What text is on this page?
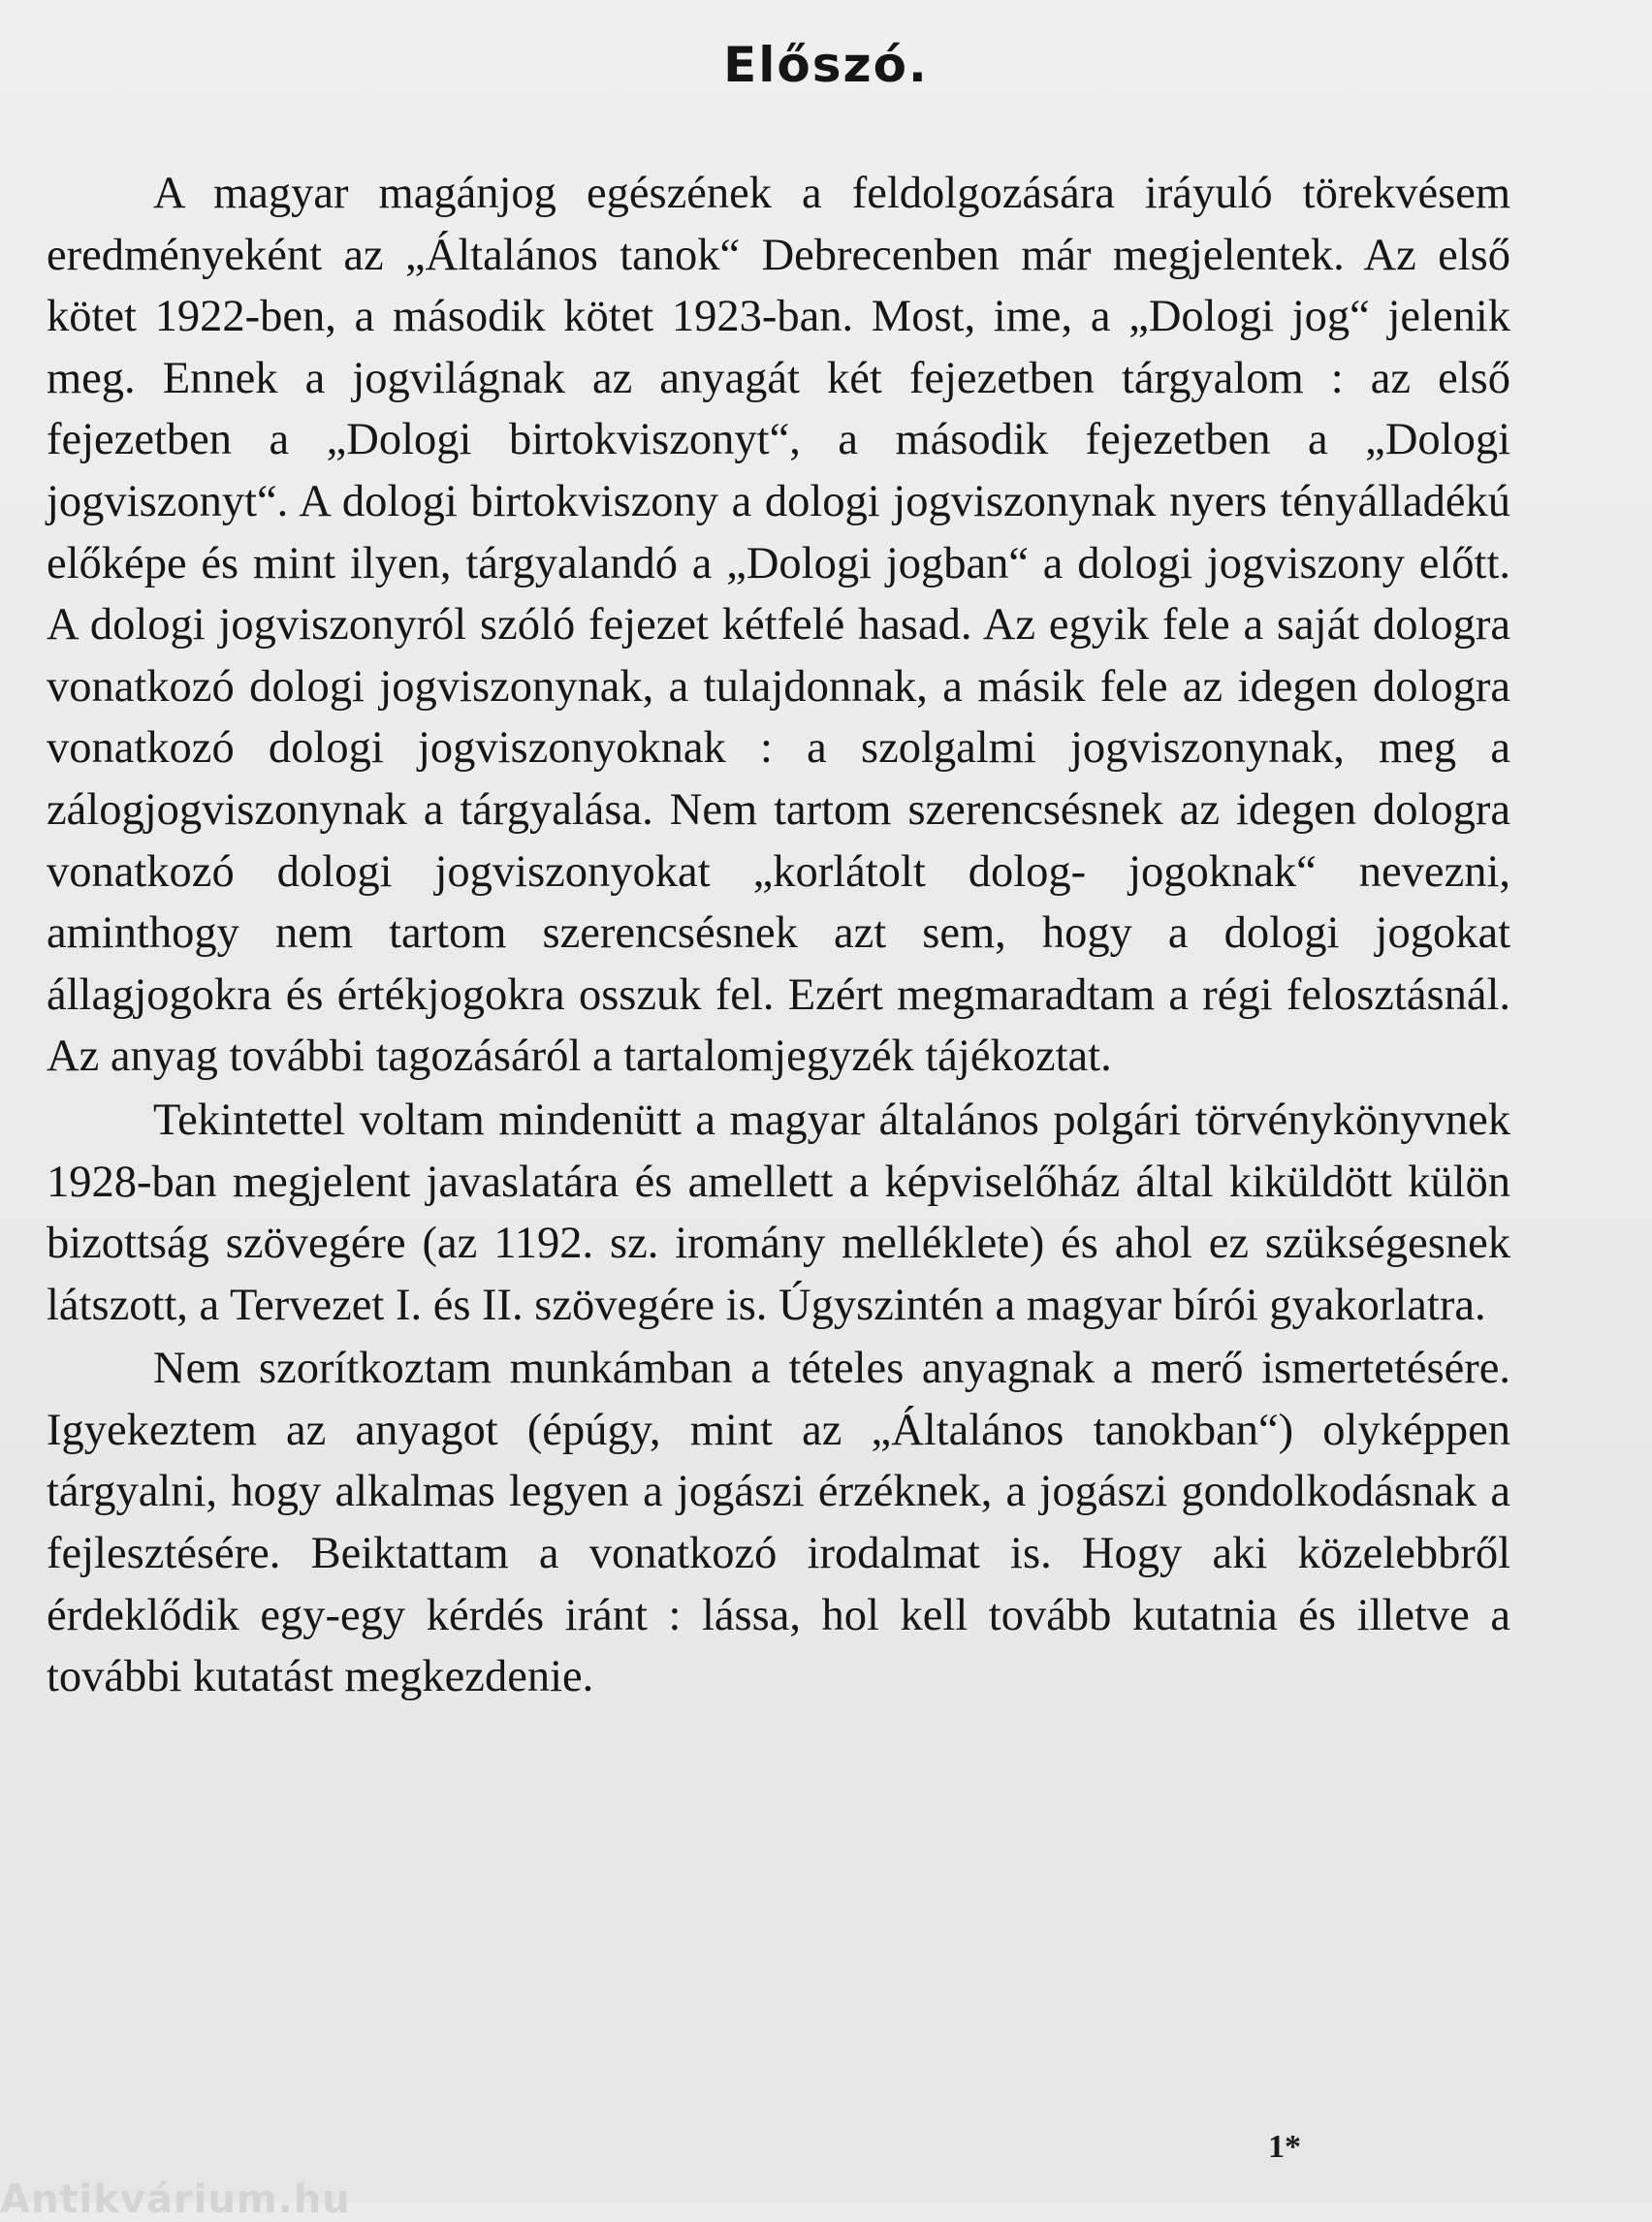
Előszó.

A magyar magánjog egészének a feldolgozására iráyuló törekvésem eredményeként az „Általános tanok“ Debrecenben már megjelentek. Az első kötet 1922-ben, a második kötet 1923-ban. Most, ime, a „Dologi jog“ jelenik meg. Ennek a jogvilágnak az anyagát két fejezetben tárgyalom : az első fejezetben a „Dologi birtokviszonyt“, a második fejezetben a „Dologi jogviszonyt“. A dologi birtokviszony a dologi jogviszonynak nyers tényálladékú előképe és mint ilyen, tárgyalandó a „Dologi jogban“ a dologi jogviszony előtt. A dologi jogviszonyról szóló fejezet kétfelé hasad. Az egyik fele a saját dologra vonatkozó dologi jogviszonynak, a tulajdonnak, a másik fele az idegen dologra vonatkozó dologi jogviszonyoknak : a szolgalmi jogviszonynak, meg a zálogjogviszonynak a tárgyalása. Nem tartom szerencsésnek az idegen dologra vonatkozó dologi jogviszonyokat „korlátolt dolog- jogoknak“ nevezni, aminthogy nem tartom szerencsésnek azt sem, hogy a dologi jogokat állagjogokra és értékjogokra osszuk fel. Ezért megmaradtam a régi felosztásnál. Az anyag további tagozásáról a tartalomjegyzék tájékoztat.

Tekintettel voltam mindenütt a magyar általános polgári törvénykönyvnek 1928-ban megjelent javaslatára és amellett a képviselőház által kiküldött külön bizottság szövegére (az 1192. sz. iromány melléklete) és ahol ez szükségesnek látszott, a Tervezet I. és II. szövegére is. Úgyszintén a magyar bírói gyakorlatra.

Nem szorítkoztam munkámban a tételes anyagnak a merő ismertetésére. Igyekeztem az anyagot (épúgy, mint az „Általános tanokban“) olyképpen tárgyalni, hogy alkalmas legyen a jogászi érzéknek, a jogászi gondolkodásnak a fejlesztésére. Beiktattam a vonatkozó irodalmat is. Hogy aki közelebbről érdeklődik egy-egy kérdés iránt : lássa, hol kell tovább kutatnia és illetve a további kutatást megkezdenie.

1*
Antikvárium.hu
